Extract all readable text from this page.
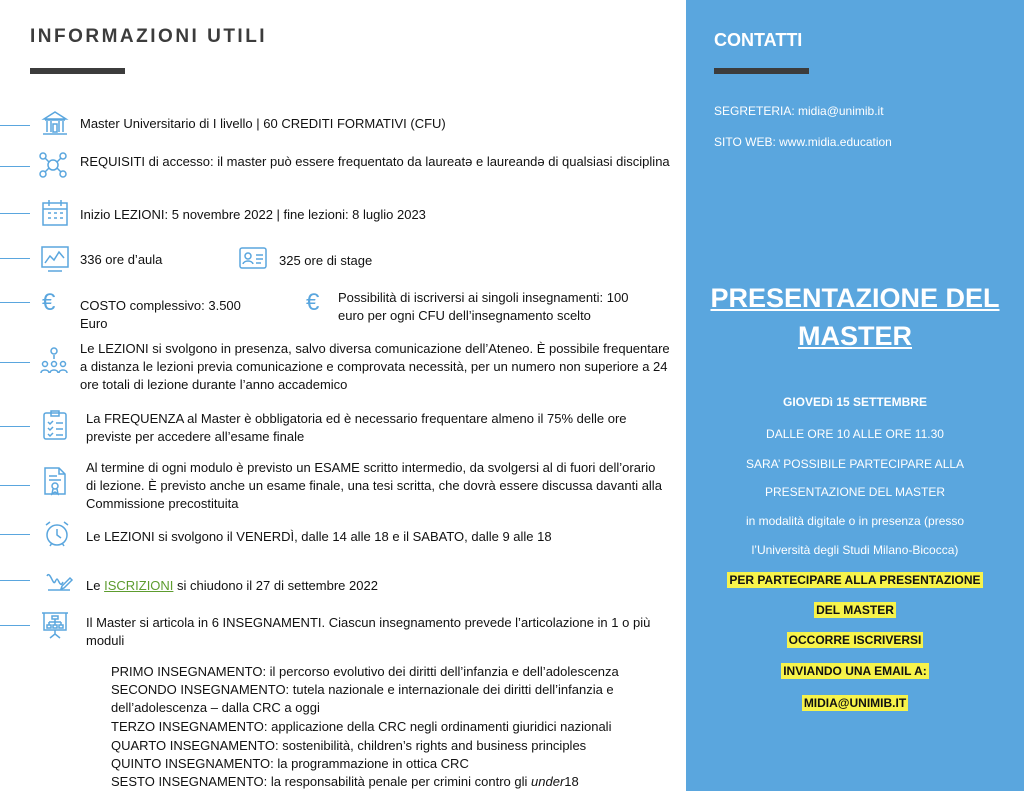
INFORMAZIONI UTILI
Master Universitario di I livello | 60 CREDITI FORMATIVI (CFU)
REQUISITI di accesso: il master può essere frequentato da laureatə e laureandə di qualsiasi disciplina
Inizio LEZIONI: 5 novembre 2022 | fine lezioni: 8 luglio 2023
336 ore d’aula	325 ore di stage
€	COSTO complessivo: 3.500 Euro
€	Possibilità di iscriversi ai singoli insegnamenti: 100 euro per ogni CFU dell’insegnamento scelto
Le LEZIONI si svolgono in presenza, salvo diversa comunicazione dell’Ateneo. È possibile frequentare a distanza le lezioni previa comunicazione e comprovata necessità, per un numero non superiore a 24 ore totali di lezione durante l’anno accademico
La FREQUENZA al Master è obbligatoria ed è necessario frequentare almeno il 75% delle ore previste per accedere all’esame finale
Al termine di ogni modulo è previsto un ESAME scritto intermedio, da svolgersi al di fuori dell’orario di lezione. È previsto anche un esame finale, una tesi scritta, che dovrà essere discussa davanti alla Commissione precostituita
Le LEZIONI si svolgono il VENERDÌ, dalle 14 alle 18 e il SABATO, dalle 9 alle 18
Le ISCRIZIONI si chiudono il 27 di settembre 2022
Il Master si articola in 6 INSEGNAMENTI. Ciascun insegnamento prevede l’articolazione in 1 o più moduli
PRIMO INSEGNAMENTO: il percorso evolutivo dei diritti dell’infanzia e dell’adolescenza
SECONDO INSEGNAMENTO: tutela nazionale e internazionale dei diritti dell’infanzia e
dell’adolescenza – dalla CRC a oggi
TERZO INSEGNAMENTO: applicazione della CRC negli ordinamenti giuridici nazionali
QUARTO INSEGNAMENTO: sostenibilità, children’s rights and business principles
QUINTO INSEGNAMENTO: la programmazione in ottica CRC
SESTO INSEGNAMENTO: la responsabilità penale per crimini contro gli under18
CONTATTI
SEGRETERIA: midia@unimib.it
SITO WEB: www.midia.education
PRESENTAZIONE DEL
MASTER
GIOVEDì 15 SETTEMBRE
DALLE ORE 10 ALLE ORE 11.30
SARA’ POSSIBILE PARTECIPARE ALLA
PRESENTAZIONE DEL MASTER
in modalità digitale o in presenza (presso
l’Università degli Studi Milano-Bicocca)
PER PARTECIPARE ALLA PRESENTAZIONE
DEL MASTER
OCCORRE ISCRIVERSI
INVIANDO UNA EMAIL A:
MIDIA@UNIMIB.IT
